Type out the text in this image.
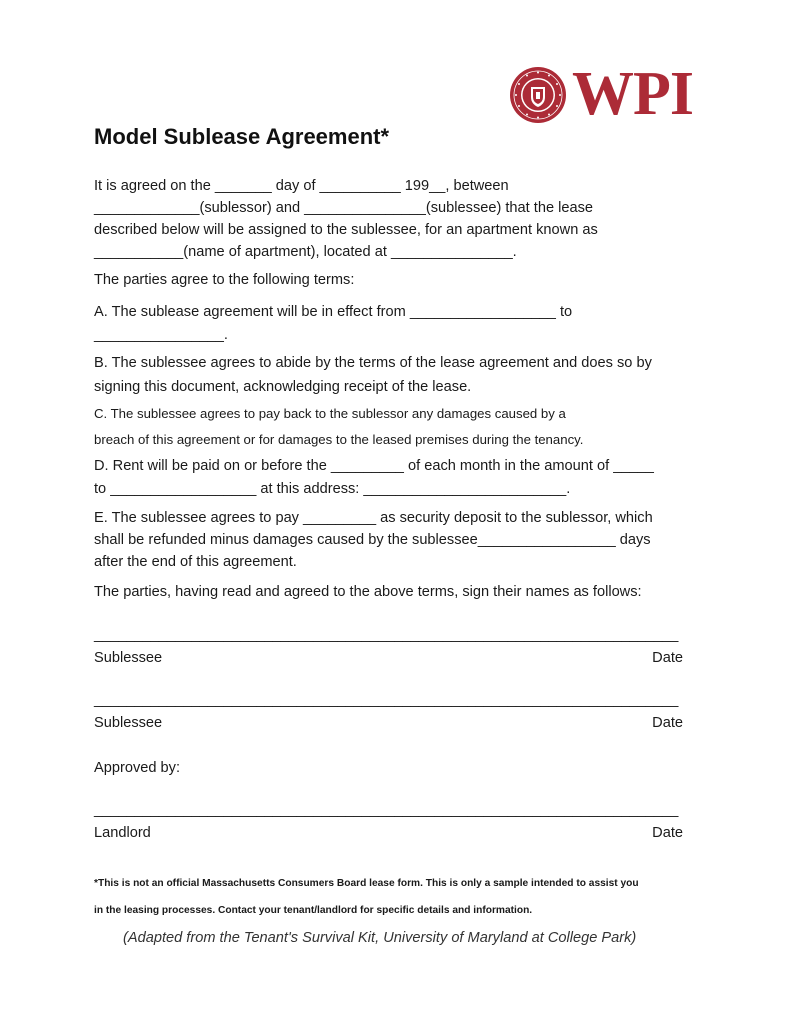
WPI
Model Sublease Agreement*
It is agreed on the _______ day of __________ 199__, between
_____________(sublessor) and _______________(sublessee) that the lease
described below will be assigned to the sublessee, for an apartment known as
___________(name of apartment), located at _______________.
The parties agree to the following terms:
A. The sublease agreement will be in effect from __________________ to
________________.
B. The sublessee agrees to abide by the terms of the lease agreement and does so by
signing this document, acknowledging receipt of the lease.
C. The sublessee agrees to pay back to the sublessor any damages caused by a
breach of this agreement or for damages to the leased premises during the tenancy.
D. Rent will be paid on or before the _________ of each month in the amount of _____
to __________________ at this address: _________________________.
E. The sublessee agrees to pay _________ as security deposit to the sublessor, which
shall be refunded minus damages caused by the sublessee_________________ days
after the end of this agreement.
The parties, having read and agreed to the above terms, sign their names as follows:
________________________________________________________________________
Sublessee	Date
________________________________________________________________________
Sublessee	Date
Approved by:
________________________________________________________________________
Landlord	Date
*This is not an official Massachusetts Consumers Board lease form. This is only a sample intended to assist you
in the leasing processes. Contact your tenant/landlord for specific details and information.
(Adapted from the Tenant's Survival Kit, University of Maryland at College Park)
